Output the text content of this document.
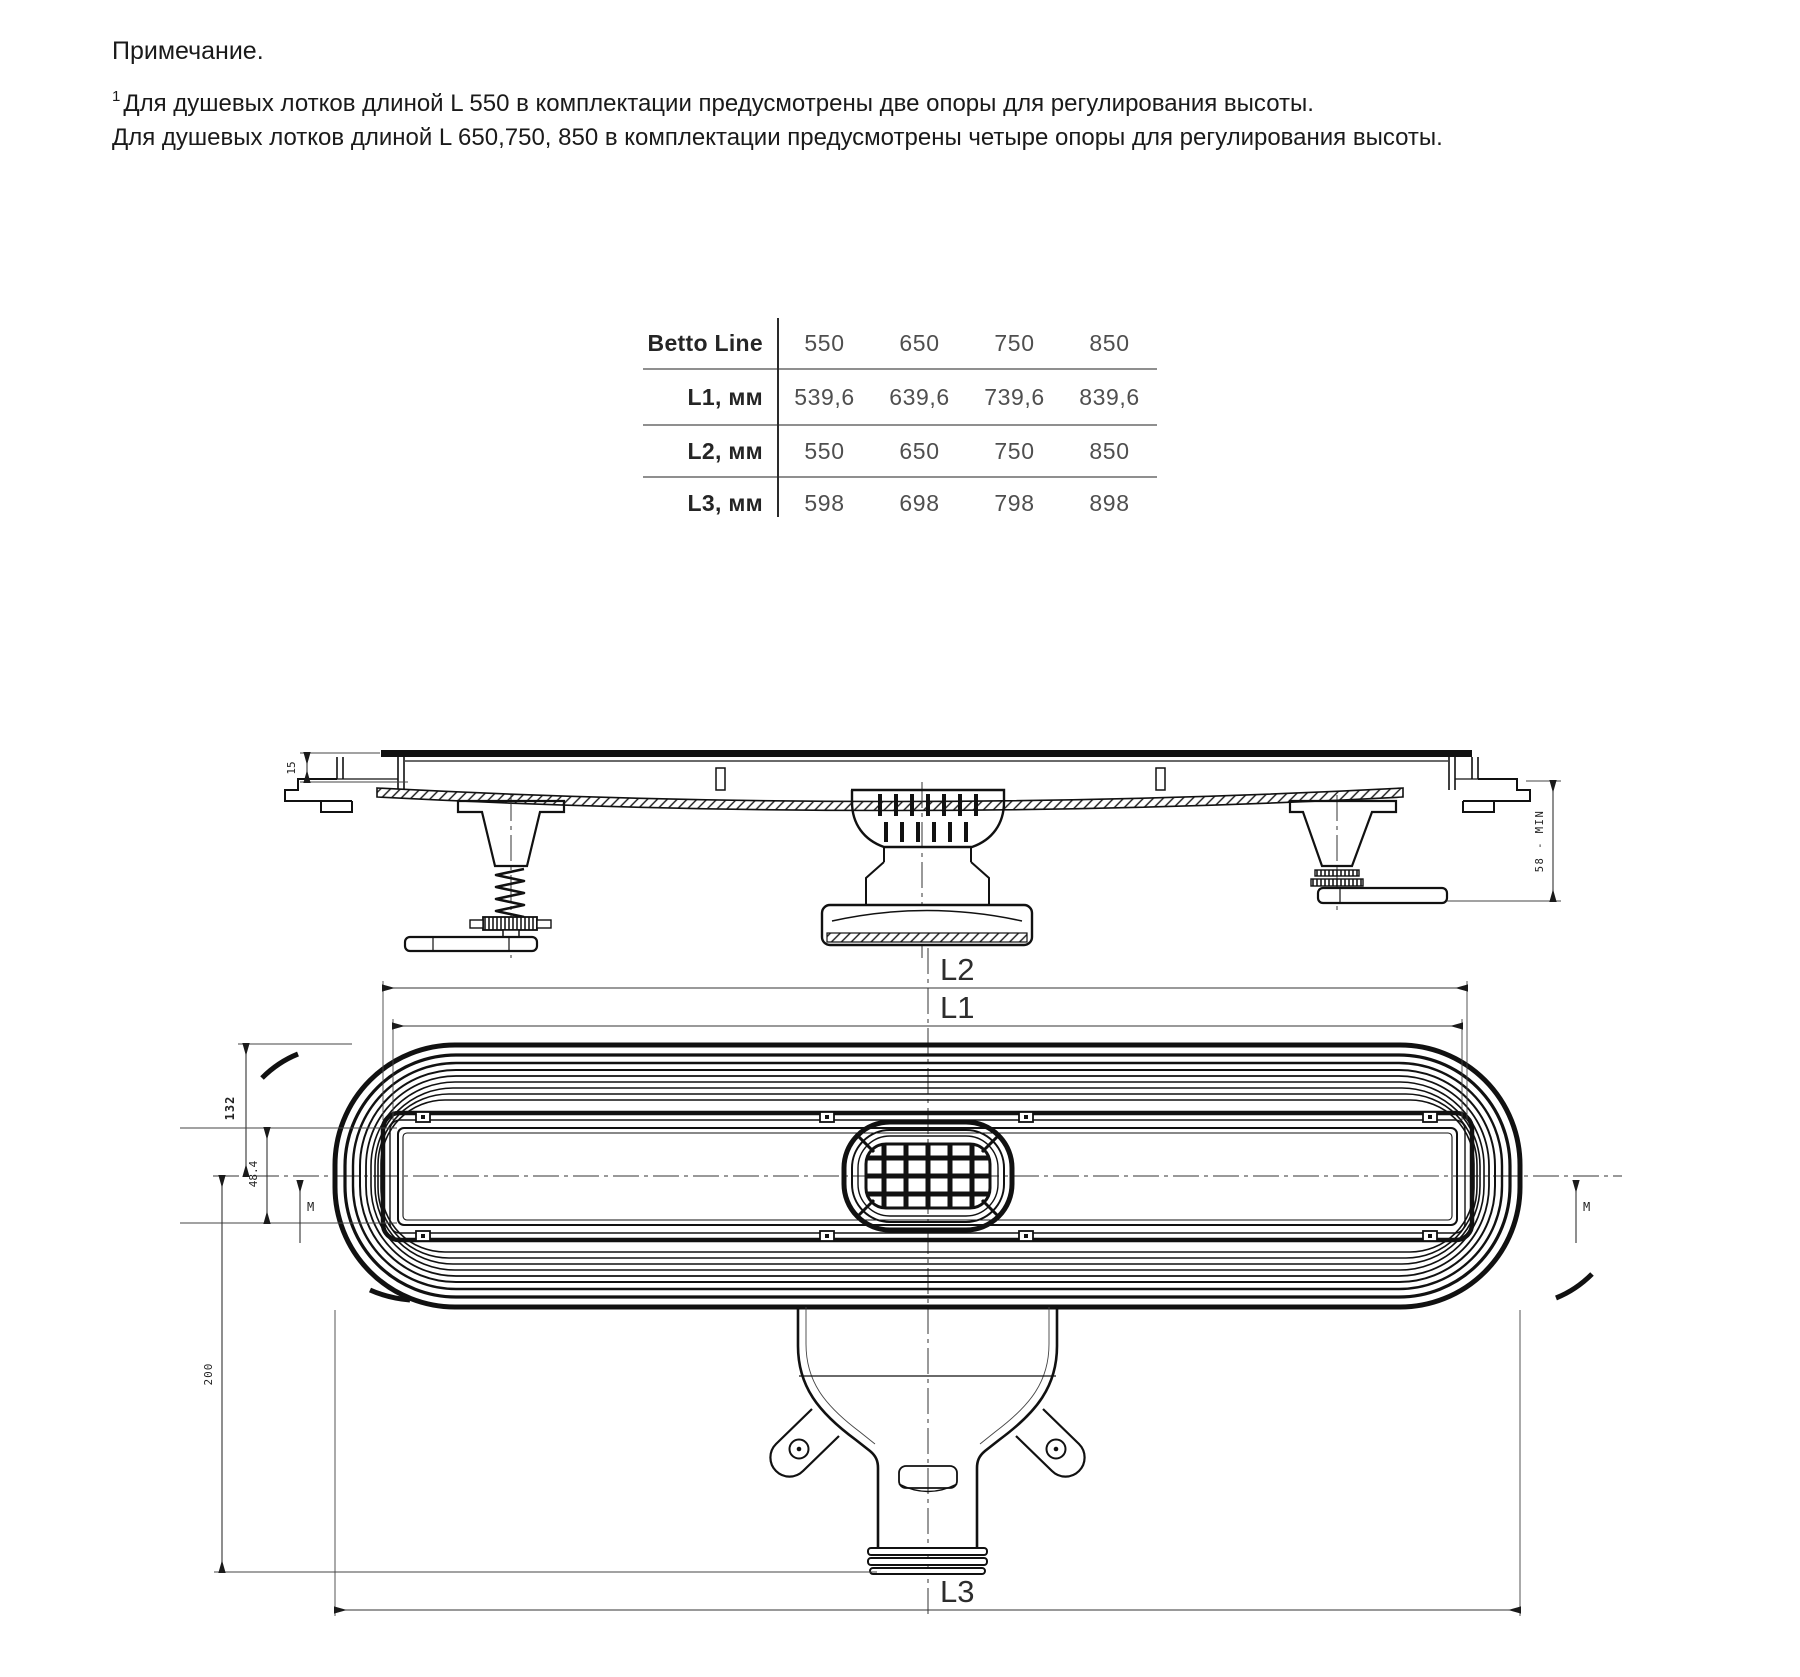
Примечание.
$^1$ Для душевых лотков длиной L 550 в комплектации предусмотрены две опоры для регулирования высоты.
Для душевых лотков длиной L 650,750, 850 в комплектации предусмотрены четыре опоры для регулирования высоты.
Betto Line	550	650	750	850
L1, мм	539,6	639,6	739,6	839,6
L2, мм	550	650	750	850
L3, мм	598	698	798	898
15
58 - MIN
L2
L1
132
48.4
M	M
200
L3
